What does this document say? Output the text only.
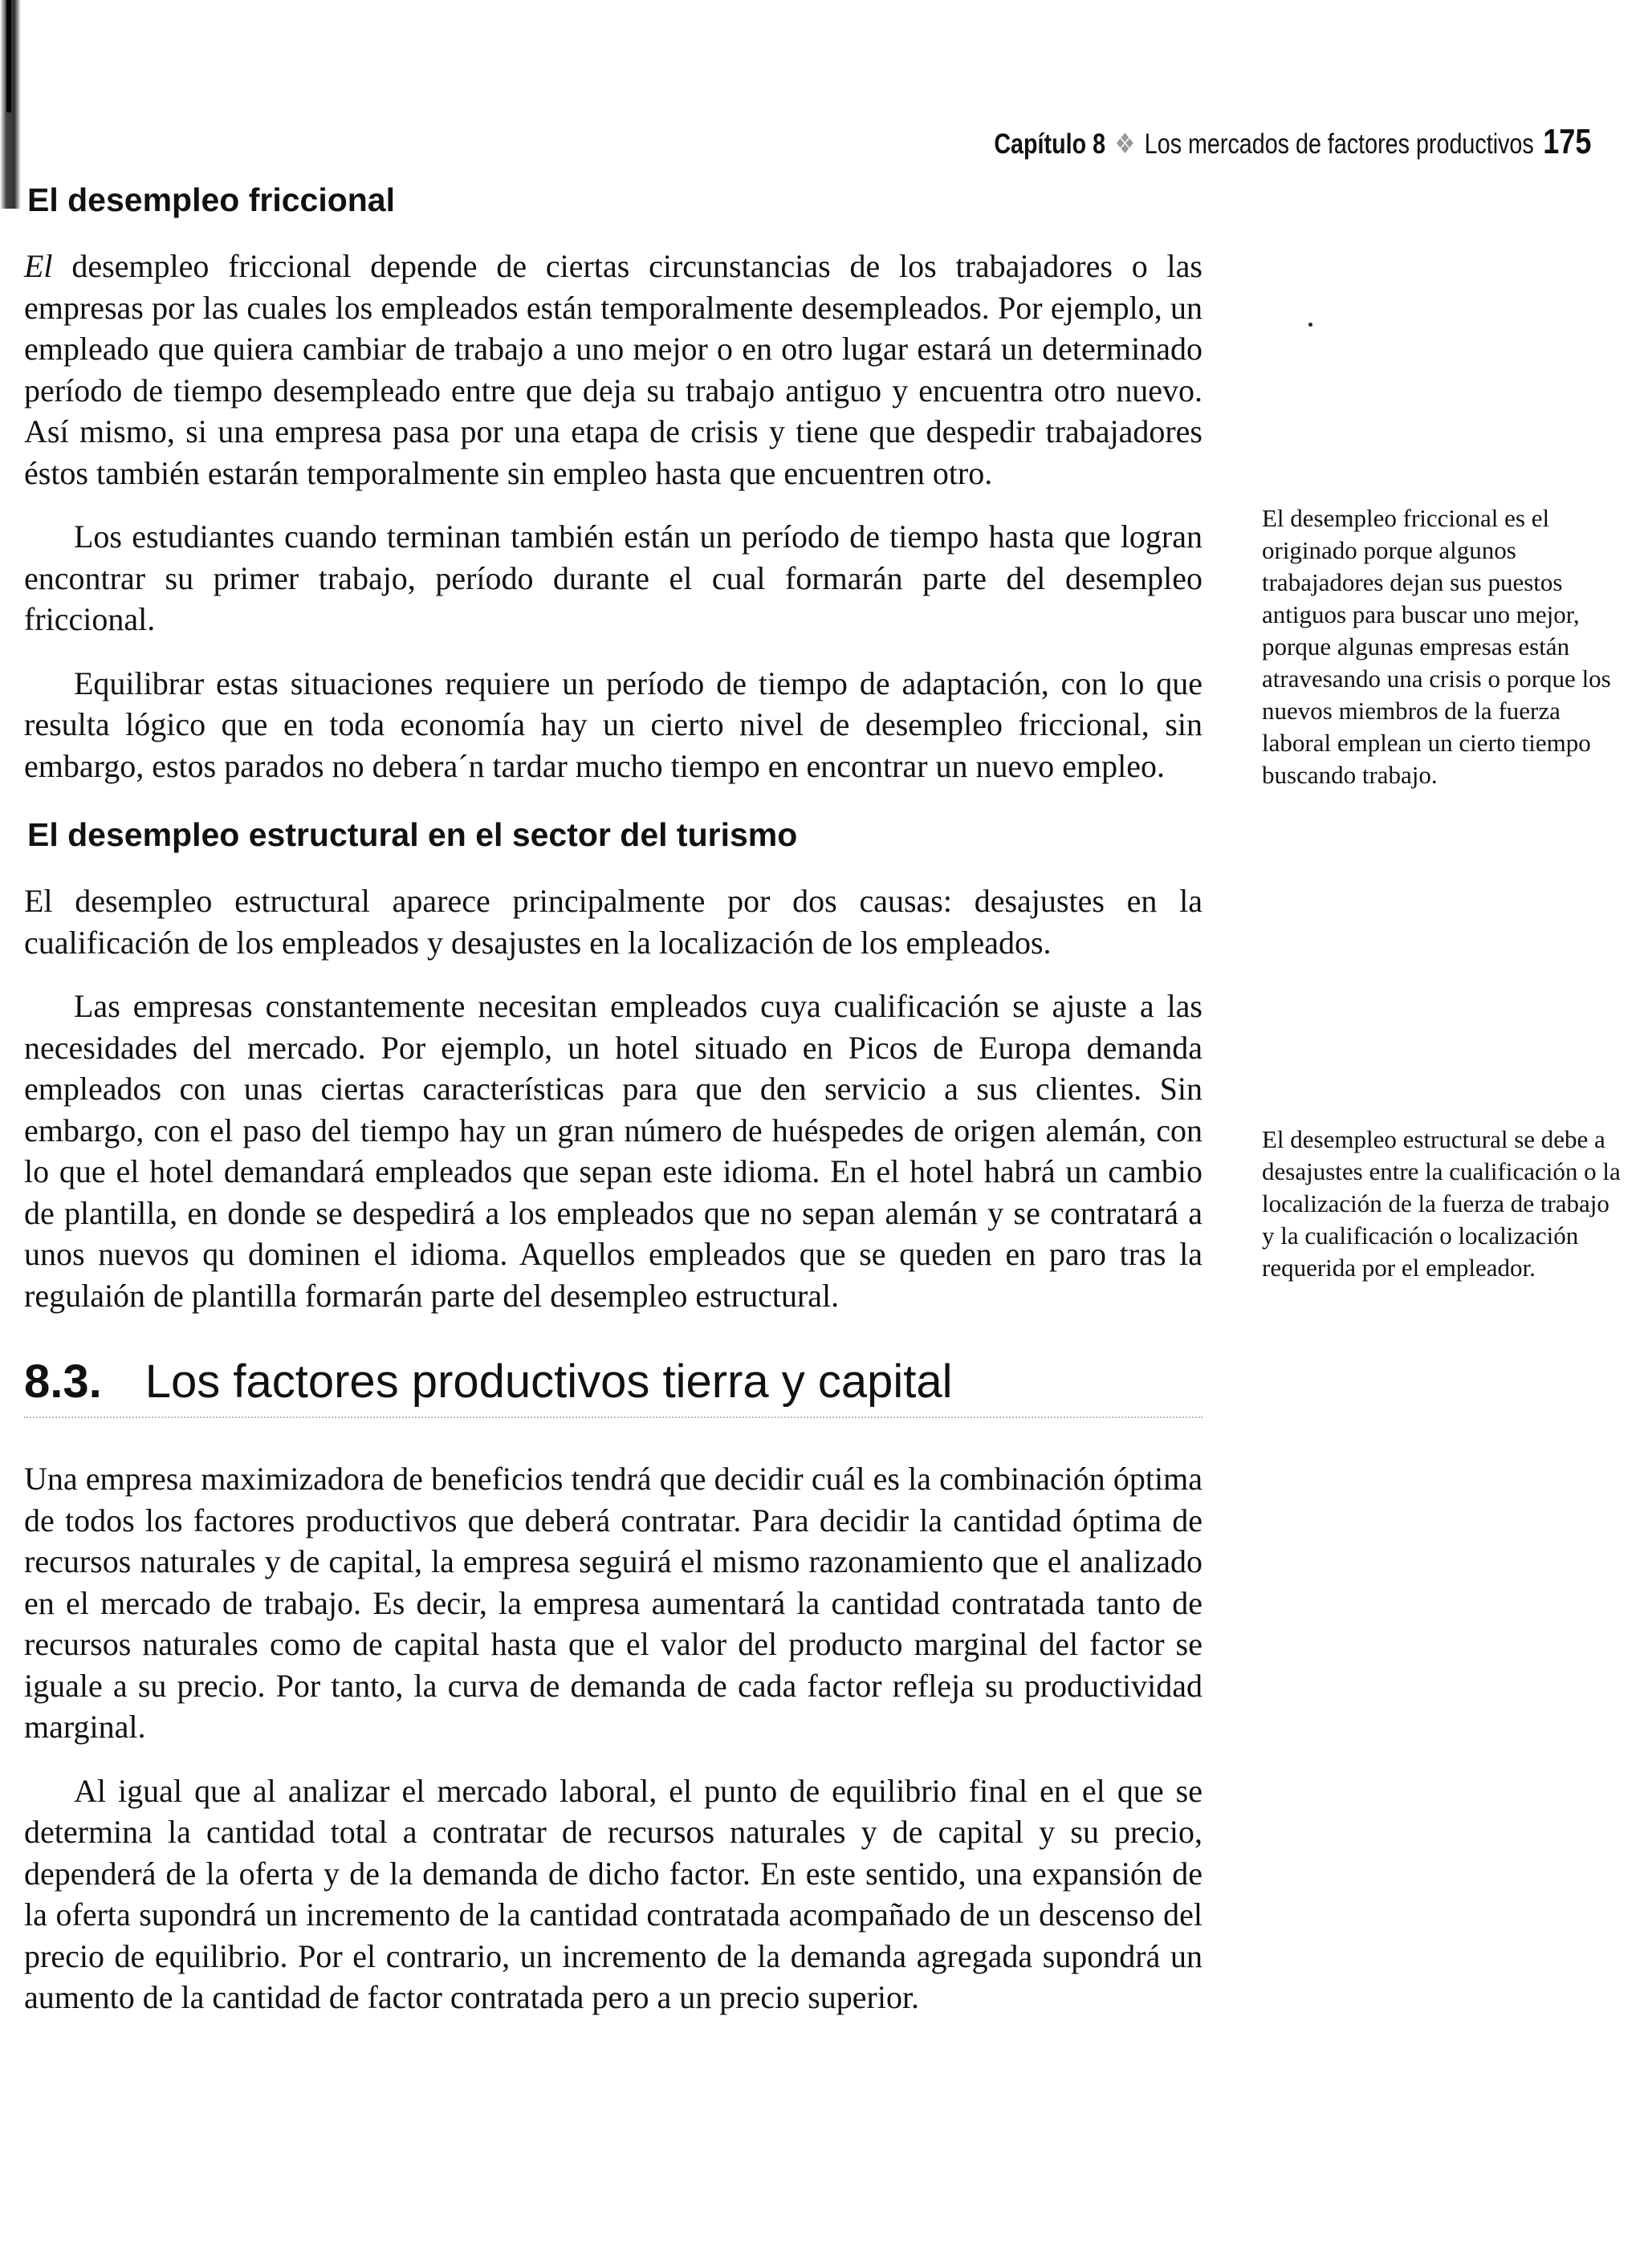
Capítulo 8 ❖ Los mercados de factores productivos 175
El desempleo friccional

El desempleo friccional depende de ciertas circunstancias de los trabajadores o las empresas por las cuales los empleados están temporalmente desempleados. Por ejemplo, un empleado que quiera cambiar de trabajo a uno mejor o en otro lugar estará un determinado período de tiempo desempleado entre que deja su trabajo antiguo y encuentra otro nuevo. Así mismo, si una empresa pasa por una etapa de crisis y tiene que despedir trabajadores éstos también estarán temporalmente sin empleo hasta que encuentren otro.

Los estudiantes cuando terminan también están un período de tiempo hasta que logran encontrar su primer trabajo, período durante el cual formarán parte del desempleo friccional.

Equilibrar estas situaciones requiere un período de tiempo de adaptación, con lo que resulta lógico que en toda economía hay un cierto nivel de desempleo friccional, sin embargo, estos parados no debera´n tardar mucho tiempo en encontrar un nuevo empleo.

El desempleo estructural en el sector del turismo

El desempleo estructural aparece principalmente por dos causas: desajustes en la cualificación de los empleados y desajustes en la localización de los empleados.

Las empresas constantemente necesitan empleados cuya cualificación se ajuste a las necesidades del mercado. Por ejemplo, un hotel situado en Picos de Europa demanda empleados con unas ciertas características para que den servicio a sus clientes. Sin embargo, con el paso del tiempo hay un gran número de huéspedes de origen alemán, con lo que el hotel demandará empleados que sepan este idioma. En el hotel habrá un cambio de plantilla, en donde se despedirá a los empleados que no sepan alemán y se contratará a unos nuevos qu dominen el idioma. Aquellos empleados que se queden en paro tras la regulaión de plantilla formarán parte del desempleo estructural.

8.3. Los factores productivos tierra y capital

Una empresa maximizadora de beneficios tendrá que decidir cuál es la combinación óptima de todos los factores productivos que deberá contratar. Para decidir la cantidad óptima de recursos naturales y de capital, la empresa seguirá el mismo razonamiento que el analizado en el mercado de trabajo. Es decir, la empresa aumentará la cantidad contratada tanto de recursos naturales como de capital hasta que el valor del producto marginal del factor se iguale a su precio. Por tanto, la curva de demanda de cada factor refleja su productividad marginal.

Al igual que al analizar el mercado laboral, el punto de equilibrio final en el que se determina la cantidad total a contratar de recursos naturales y de capital y su precio, dependerá de la oferta y de la demanda de dicho factor. En este sentido, una expansión de la oferta supondrá un incremento de la cantidad contratada acompañado de un descenso del precio de equilibrio. Por el contrario, un incremento de la demanda agregada supondrá un aumento de la cantidad de factor contratada pero a un precio superior.

El desempleo friccional es el originado porque algunos trabajadores dejan sus puestos antiguos para buscar uno mejor, porque algunas empresas están atravesando una crisis o porque los nuevos miembros de la fuerza laboral emplean un cierto tiempo buscando trabajo.
El desempleo estructural se debe a desajustes entre la cualificación o la localización de la fuerza de trabajo y la cualificación o localización requerida por el empleador.
